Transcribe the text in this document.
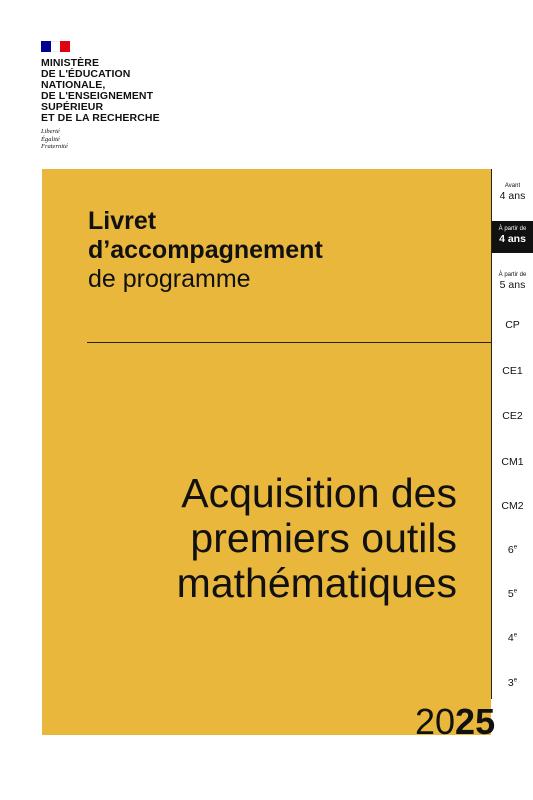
MINISTÈRE
DE L'ÉDUCATION
NATIONALE,
DE L'ENSEIGNEMENT
SUPÉRIEUR
ET DE LA RECHERCHE
Liberté
Égalité
Fraternité
Livret
d’accompagnement
de programme
Acquisition des
premiers outils
mathématiques
Avant
4 ans
À partir de
4 ans
À partir de
5 ans
CP
CE1
CE2
CM1
CM2
6e
5e
4e
3e
2025
